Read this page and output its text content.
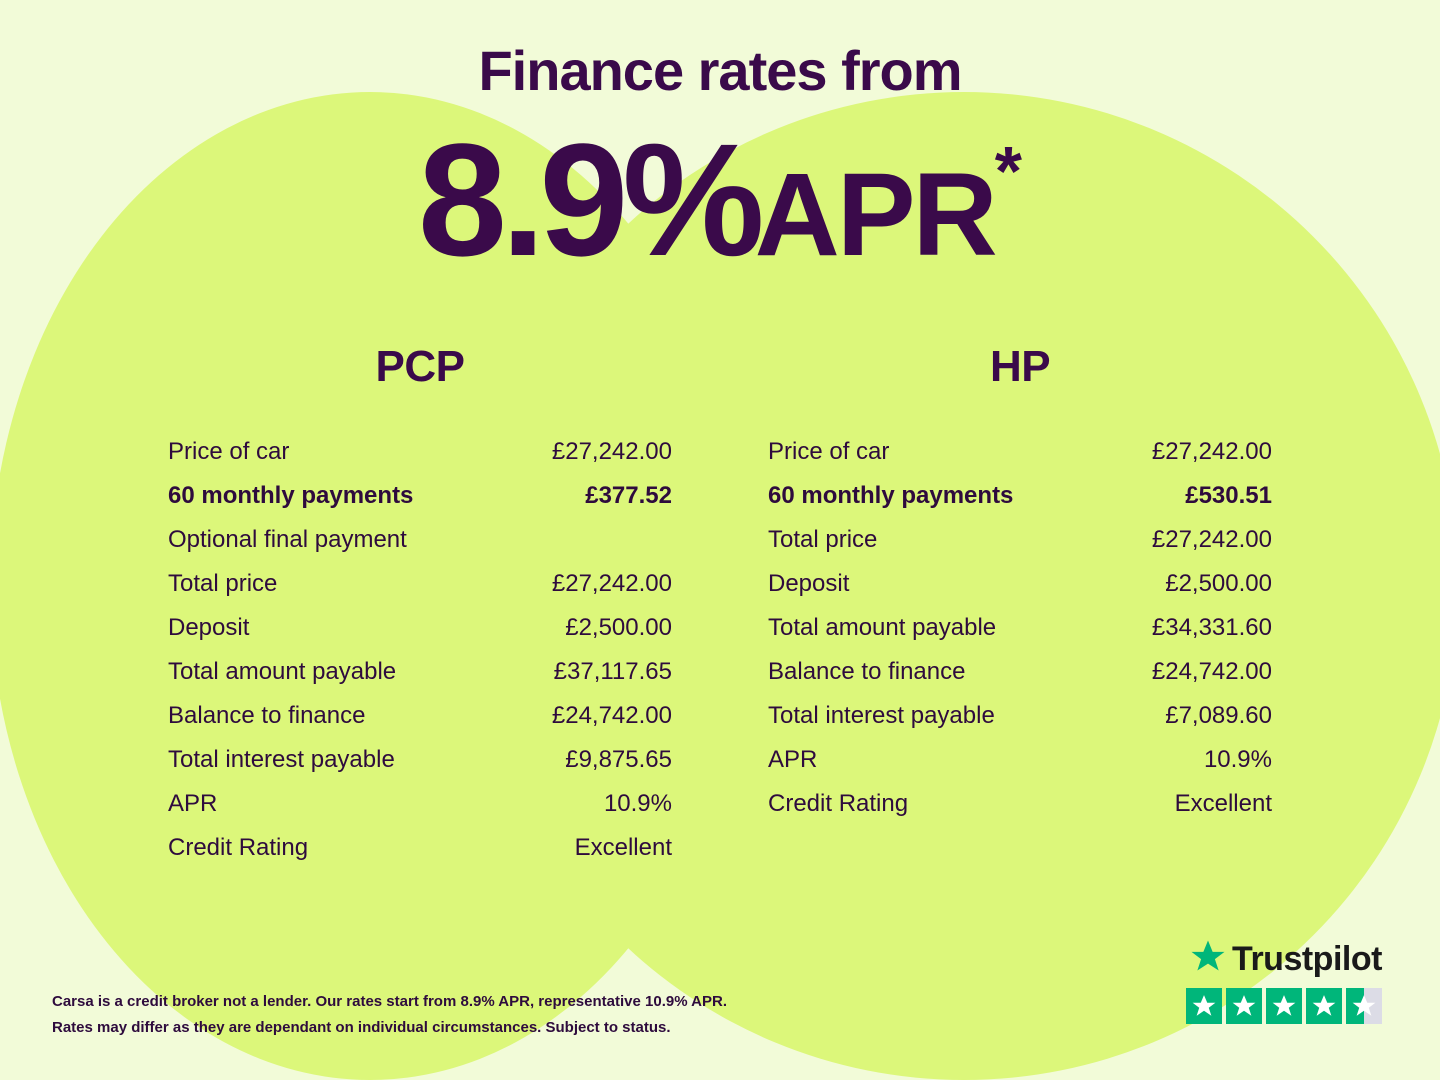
Finance rates from
8.9%APR*
PCP
Price of car	£27,242.00
60 monthly payments	£377.52
Optional final payment
Total price	£27,242.00
Deposit	£2,500.00
Total amount payable	£37,117.65
Balance to finance	£24,742.00
Total interest payable	£9,875.65
APR	10.9%
Credit Rating	Excellent
HP
Price of car	£27,242.00
60 monthly payments	£530.51
Total price	£27,242.00
Deposit	£2,500.00
Total amount payable	£34,331.60
Balance to finance	£24,742.00
Total interest payable	£7,089.60
APR	10.9%
Credit Rating	Excellent
Carsa is a credit broker not a lender. Our rates start from 8.9% APR, representative 10.9% APR.
Rates may differ as they are dependant on individual circumstances. Subject to status.
Trustpilot
